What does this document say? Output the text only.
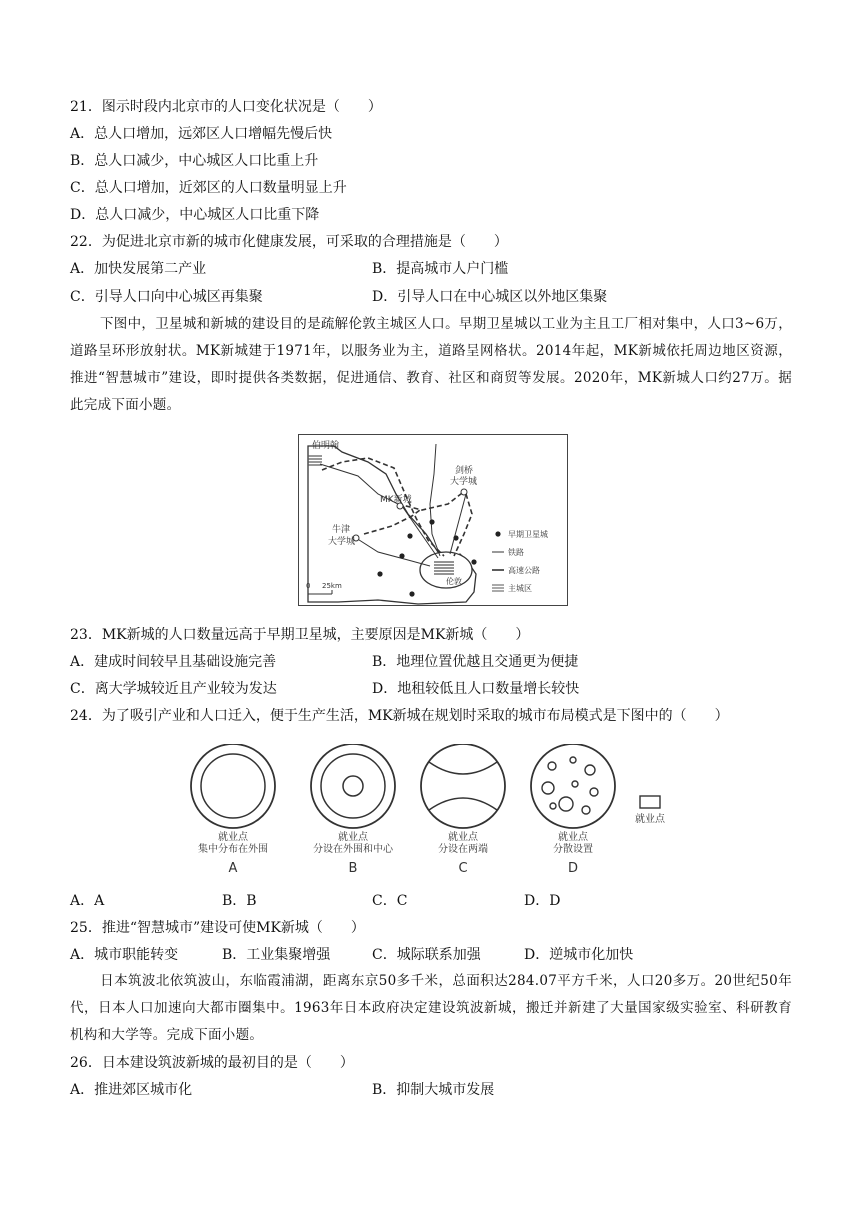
21．图示时段内北京市的人口变化状况是（　　）
A．总人口增加，远郊区人口增幅先慢后快
B．总人口减少，中心城区人口比重上升
C．总人口增加，近郊区的人口数量明显上升
D．总人口减少，中心城区人口比重下降
22．为促进北京市新的城市化健康发展，可采取的合理措施是（　　）
A．加快发展第二产业	B．提高城市人户门槛
C．引导人口向中心城区再集聚	D．引导人口在中心城区以外地区集聚
下图中，卫星城和新城的建设目的是疏解伦敦主城区人口。早期卫星城以工业为主且工厂相对集中，人口3~6万，道路呈环形放射状。MK新城建于1971年，以服务业为主，道路呈网格状。2014年起，MK新城依托周边地区资源，推进“智慧城市”建设，即时提供各类数据，促进通信、教育、社区和商贸等发展。2020年，MK新城人口约27万。据此完成下面小题。
伯明翰
剑桥
大学城
MK新城
牛津
大学城
伦敦
0 25km
早期卫星城
铁路
高速公路
主城区
23．MK新城的人口数量远高于早期卫星城，主要原因是MK新城（　　）
A．建成时间较早且基础设施完善	B．地理位置优越且交通更为便捷
C．离大学城较近且产业较为发达	D．地租较低且人口数量增长较快
24．为了吸引产业和人口迁入，便于生产生活，MK新城在规划时采取的城市布局模式是下图中的（　　）
就业点
就业点
集中分布在外围
A
就业点
分设在外围和中心
B
就业点
分设在两端
C
就业点
分散设置
D
A．A	B．B	C．C	D．D
25．推进“智慧城市”建设可使MK新城（　　）
A．城市职能转变	B．工业集聚增强	C．城际联系加强	D．逆城市化加快
日本筑波北依筑波山，东临霞浦湖，距离东京50多千米，总面积达284.07平方千米，人口20多万。20世纪50年代，日本人口加速向大都市圈集中。1963年日本政府决定建设筑波新城，搬迁并新建了大量国家级实验室、科研教育机构和大学等。完成下面小题。
26．日本建设筑波新城的最初目的是（　　）
A．推进郊区城市化	B．抑制大城市发展
